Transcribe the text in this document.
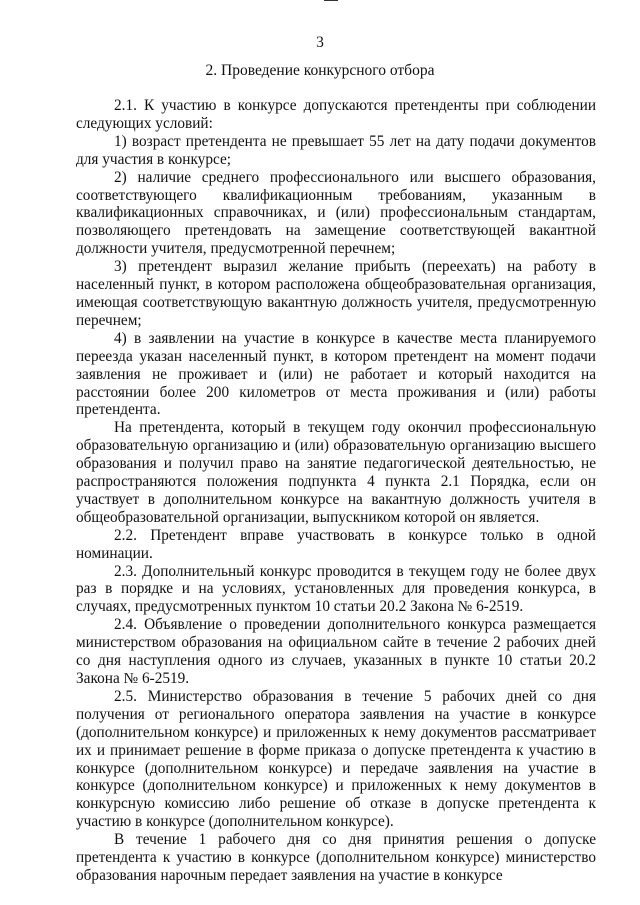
3
2. Проведение конкурсного отбора

2.1. К участию в конкурсе допускаются претенденты при соблюдении следующих условий:

1) возраст претендента не превышает 55 лет на дату подачи документов для участия в конкурсе;

2) наличие среднего профессионального или высшего образования, соответствующего квалификационным требованиям, указанным в квалификационных справочниках, и (или) профессиональным стандартам, позволяющего претендовать на замещение соответствующей вакантной должности учителя, предусмотренной перечнем;

3) претендент выразил желание прибыть (переехать) на работу в населенный пункт, в котором расположена общеобразовательная организация, имеющая соответствующую вакантную должность учителя, предусмотренную перечнем;

4) в заявлении на участие в конкурсе в качестве места планируемого переезда указан населенный пункт, в котором претендент на момент подачи заявления не проживает и (или) не работает и который находится на расстоянии более 200 километров от места проживания и (или) работы претендента.

На претендента, который в текущем году окончил профессиональную образовательную организацию и (или) образовательную организацию высшего образования и получил право на занятие педагогической деятельностью, не распространяются положения подпункта 4 пункта 2.1 Порядка, если он участвует в дополнительном конкурсе на вакантную должность учителя в общеобразовательной организации, выпускником которой он является.

2.2. Претендент вправе участвовать в конкурсе только в одной номинации.

2.3. Дополнительный конкурс проводится в текущем году не более двух раз в порядке и на условиях, установленных для проведения конкурса, в случаях, предусмотренных пунктом 10 статьи 20.2 Закона № 6-2519.

2.4. Объявление о проведении дополнительного конкурса размещается министерством образования на официальном сайте в течение 2 рабочих дней со дня наступления одного из случаев, указанных в пункте 10 статьи 20.2 Закона № 6-2519.

2.5. Министерство образования в течение 5 рабочих дней со дня получения от регионального оператора заявления на участие в конкурсе (дополнительном конкурсе) и приложенных к нему документов рассматривает их и принимает решение в форме приказа о допуске претендента к участию в конкурсе (дополнительном конкурсе) и передаче заявления на участие в конкурсе (дополнительном конкурсе) и приложенных к нему документов в конкурсную комиссию либо решение об отказе в допуске претендента к участию в конкурсе (дополнительном конкурсе).

В течение 1 рабочего дня со дня принятия решения о допуске претендента к участию в конкурсе (дополнительном конкурсе) министерство образования нарочным передает заявления на участие в конкурсе
